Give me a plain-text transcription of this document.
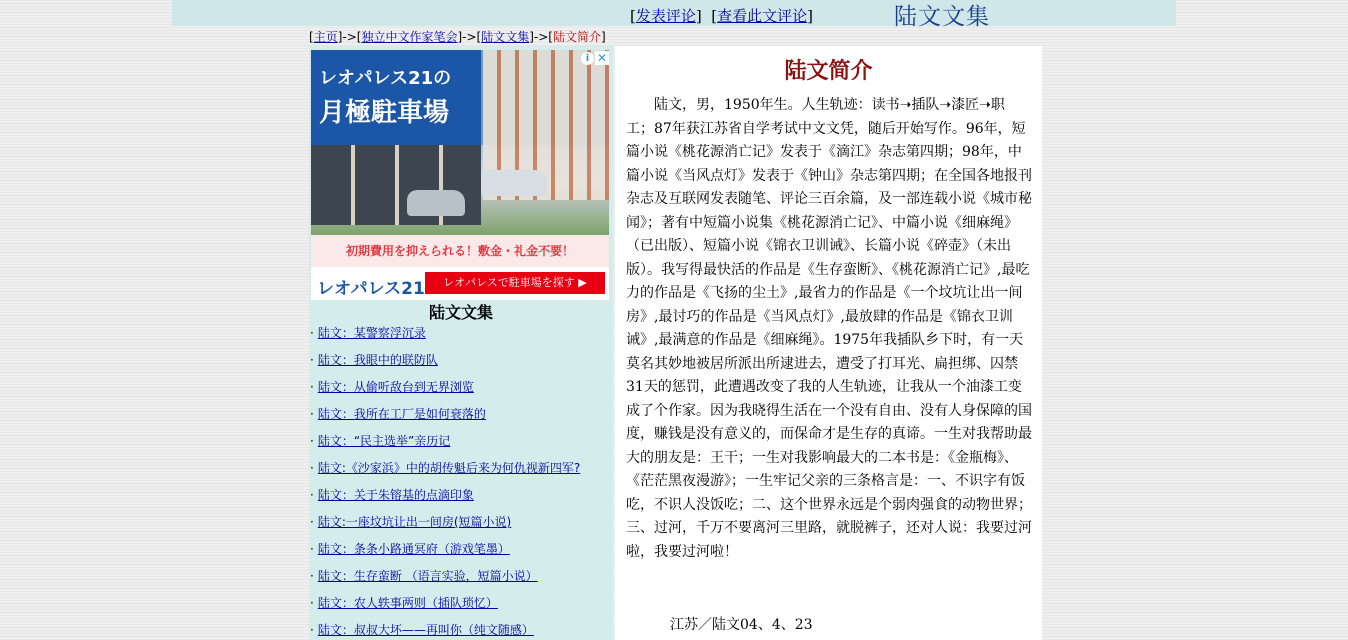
[发表评论]  [查看此文评论]	陆文文集
[主页]->[独立中文作家笔会]->[陆文文集]->[陆文简介]
レオパレス21の
月極駐車場
初期費用を抑えられる！敷金・礼金不要！
レオパレス21	レオパレスで駐車場を探す ▶
i ✕
陆文文集
· 陆文：某警察浮沉录
· 陆文：我眼中的联防队
· 陆文：从偷听敌台到无界浏览
· 陆文：我所在工厂是如何衰落的
· 陆文：“民主选举”亲历记
· 陆文:《沙家浜》中的胡传魁后来为何仇视新四军?
· 陆文：关于朱镕基的点滴印象
· 陆文:一座坟坑让出一间房(短篇小说)
· 陆文：条条小路通冥府（游戏笔墨）
· 陆文：生存蛮断 （语言实验，短篇小说）
· 陆文：农人轶事两则（插队琐忆）
· 陆文：叔叔大坏——再叫你（纯文随感）
陆文简介

陆文，男，1950年生。人生轨迹：读书➝插队➝漆匠➝职工；87年获江苏省自学考试中文文凭，随后开始写作。96年，短篇小说《桃花源消亡记》发表于《滴江》杂志第四期；98年，中篇小说《当风点灯》发表于《钟山》杂志第四期；在全国各地报刊杂志及互联网发表随笔、评论三百余篇，及一部连载小说《城市秘闻》；著有中短篇小说集《桃花源消亡记》、中篇小说《细麻绳》（已出版）、短篇小说《锦衣卫训诫》、长篇小说《碎壶》（未出版）。我写得最快活的作品是《生存蛮断》、《桃花源消亡记》,最吃力的作品是《飞扬的尘土》,最省力的作品是《一个坟坑让出一间房》,最讨巧的作品是《当风点灯》,最放肆的作品是《锦衣卫训诫》,最满意的作品是《细麻绳》。1975年我插队乡下时，有一天莫名其妙地被居所派出所逮进去，遭受了打耳光、扁担绑、囚禁31天的惩罚，此遭遇改变了我的人生轨迹，让我从一个油漆工变成了个作家。因为我晓得生活在一个没有自由、没有人身保障的国度，赚钱是没有意义的，而保命才是生存的真谛。一生对我帮助最大的朋友是：王干；一生对我影响最大的二本书是：《金瓶梅》、《茫茫黑夜漫游》；一生牢记父亲的三条格言是：一、不识字有饭吃，不识人没饭吃；二、这个世界永远是个弱肉强食的动物世界；三、过河，千万不要离河三里路，就脱裤子，还对人说：我要过河啦，我要过河啦！

江苏／陆文04、4、23
